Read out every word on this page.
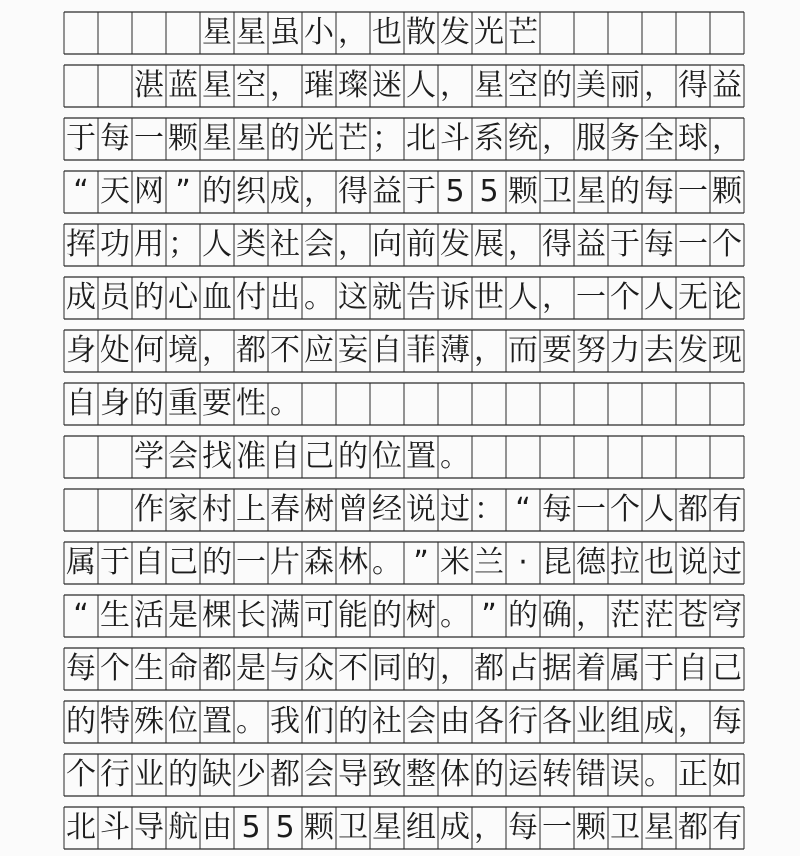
星 星 虽 小 ， 也 散 发 光 芒
湛 蓝 星 空 ， 璀 璨 迷 人 ， 星 空 的 美 丽 ， 得 益
于 每 一 颗 星 星 的 光 芒 ； 北 斗 系 统 ， 服 务 全 球 ，
“ 天 网 ” 的 织 成 ， 得 益 于 5 5 颗 卫 星 的 每 一 颗
挥 功 用 ； 人 类 社 会 ， 向 前 发 展 ， 得 益 于 每 一 个
成 员 的 心 血 付 出 。 这 就 告 诉 世 人 ， 一 个 人 无 论
身 处 何 境 ， 都 不 应 妄 自 菲 薄 ， 而 要 努 力 去 发 现
自 身 的 重 要 性 。
学 会 找 准 自 己 的 位 置 。
作 家 村 上 春 树 曾 经 说 过 ： “ 每 一 个 人 都 有
属 于 自 己 的 一 片 森 林 。 ” 米 兰 · 昆 德 拉 也 说 过
“ 生 活 是 棵 长 满 可 能 的 树 。 ” 的 确 ， 茫 茫 苍 穹
每 个 生 命 都 是 与 众 不 同 的 ， 都 占 据 着 属 于 自 己
的 特 殊 位 置 。 我 们 的 社 会 由 各 行 各 业 组 成 ， 每
个 行 业 的 缺 少 都 会 导 致 整 体 的 运 转 错 误 。 正 如
北 斗 导 航 由 5 5 颗 卫 星 组 成 ， 每 一 颗 卫 星 都 有
